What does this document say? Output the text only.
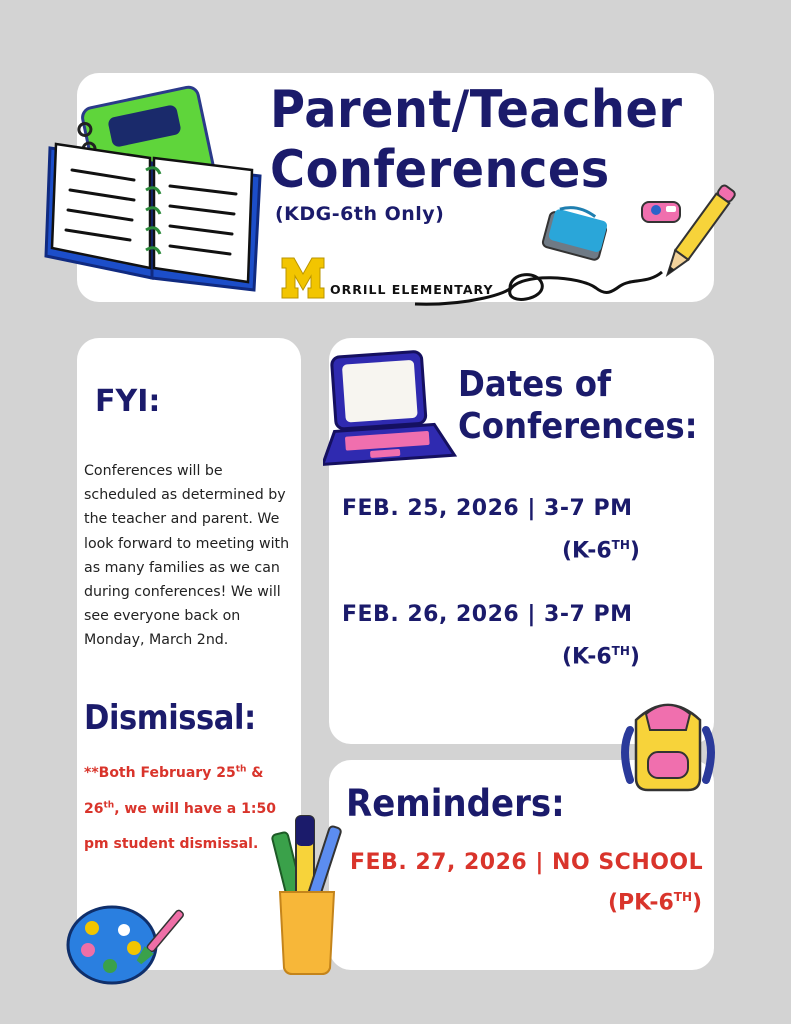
Parent/Teacher
Conferences
(KDG-6th Only)
ORRILL ELEMENTARY
FYI:
Conferences will be scheduled as determined by the teacher and parent. We look forward to meeting with as many families as we can during conferences! We will see everyone back on Monday, March 2nd.
Dismissal:
**Both February 25th & 26th, we will have a 1:50 pm student dismissal.
Dates of
Conferences:
FEB. 25, 2026 | 3-7 PM
(K-6TH)
FEB. 26, 2026 | 3-7 PM
(K-6TH)
Reminders:
FEB. 27, 2026 | NO SCHOOL
(PK-6TH)
